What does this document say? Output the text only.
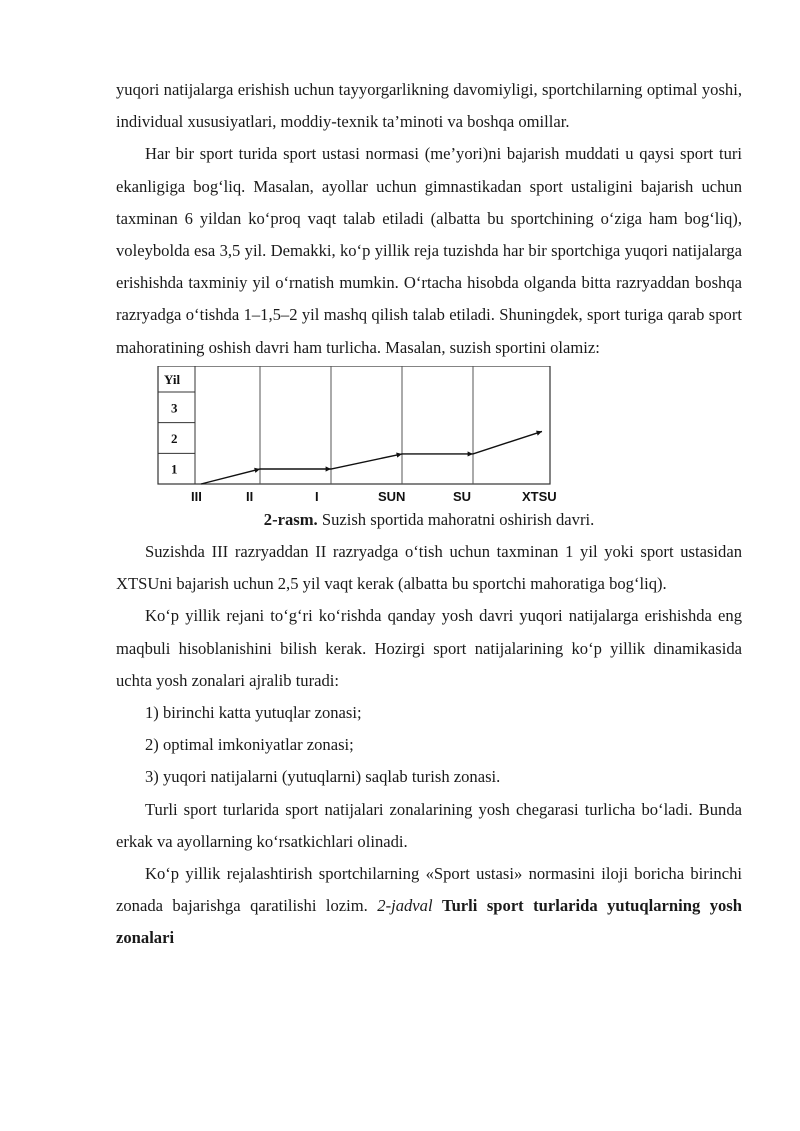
yuqori natijalarga erishish uchun tayyorgarlikning davomiyligi, sportchilarning optimal yoshi, individual xususiyatlari, moddiy-texnik ta’minoti va boshqa omillar.

Har bir sport turida sport ustasi normasi (me’yori)ni bajarish muddati u qaysi sport turi ekanligiga bog‘liq. Masalan, ayollar uchun gimnastikadan sport ustaligini bajarish uchun taxminan 6 yildan ko‘proq vaqt talab etiladi (albatta bu sportchining o‘ziga ham bog‘liq), voleybolda esa 3,5 yil. Demakki, ko‘p yillik reja tuzishda har bir sportchiga yuqori natijalarga erishishda taxminiy yil o‘rnatish mumkin. O‘rtacha hisobda olganda bitta razryaddan boshqa razryadga o‘tishda 1–1,5–2 yil mashq qilish talab etiladi. Shuningdek, sport turiga qarab sport mahoratining oshish davri ham turlicha. Masalan, suzish sportini olamiz:

Yil
1
2
3
III	II	I	SUN	SU	XTSU

2-rasm. Suzish sportida mahoratni oshirish davri.

Suzishda III razryaddan II razryadga o‘tish uchun taxminan 1 yil yoki sport ustasidan XTSUni bajarish uchun 2,5 yil vaqt kerak (albatta bu sportchi mahoratiga bog‘liq).

Ko‘p yillik rejani to‘g‘ri ko‘rishda qanday yosh davri yuqori natijalarga erishishda eng maqbuli hisoblanishini bilish kerak. Hozirgi sport natijalarining ko‘p yillik dinamikasida uchta yosh zonalari ajralib turadi:

1) birinchi katta yutuqlar zonasi;

2) optimal imkoniyatlar zonasi;

3) yuqori natijalarni (yutuqlarni) saqlab turish zonasi.

Turli sport turlarida sport natijalari zonalarining yosh chegarasi turlicha bo‘ladi. Bunda erkak va ayollarning ko‘rsatkichlari olinadi.

Ko‘p yillik rejalashtirish sportchilarning «Sport ustasi» normasini iloji boricha birinchi zonada bajarishga qaratilishi lozim. 2-jadval Turli sport turlarida yutuqlarning yosh zonalari
